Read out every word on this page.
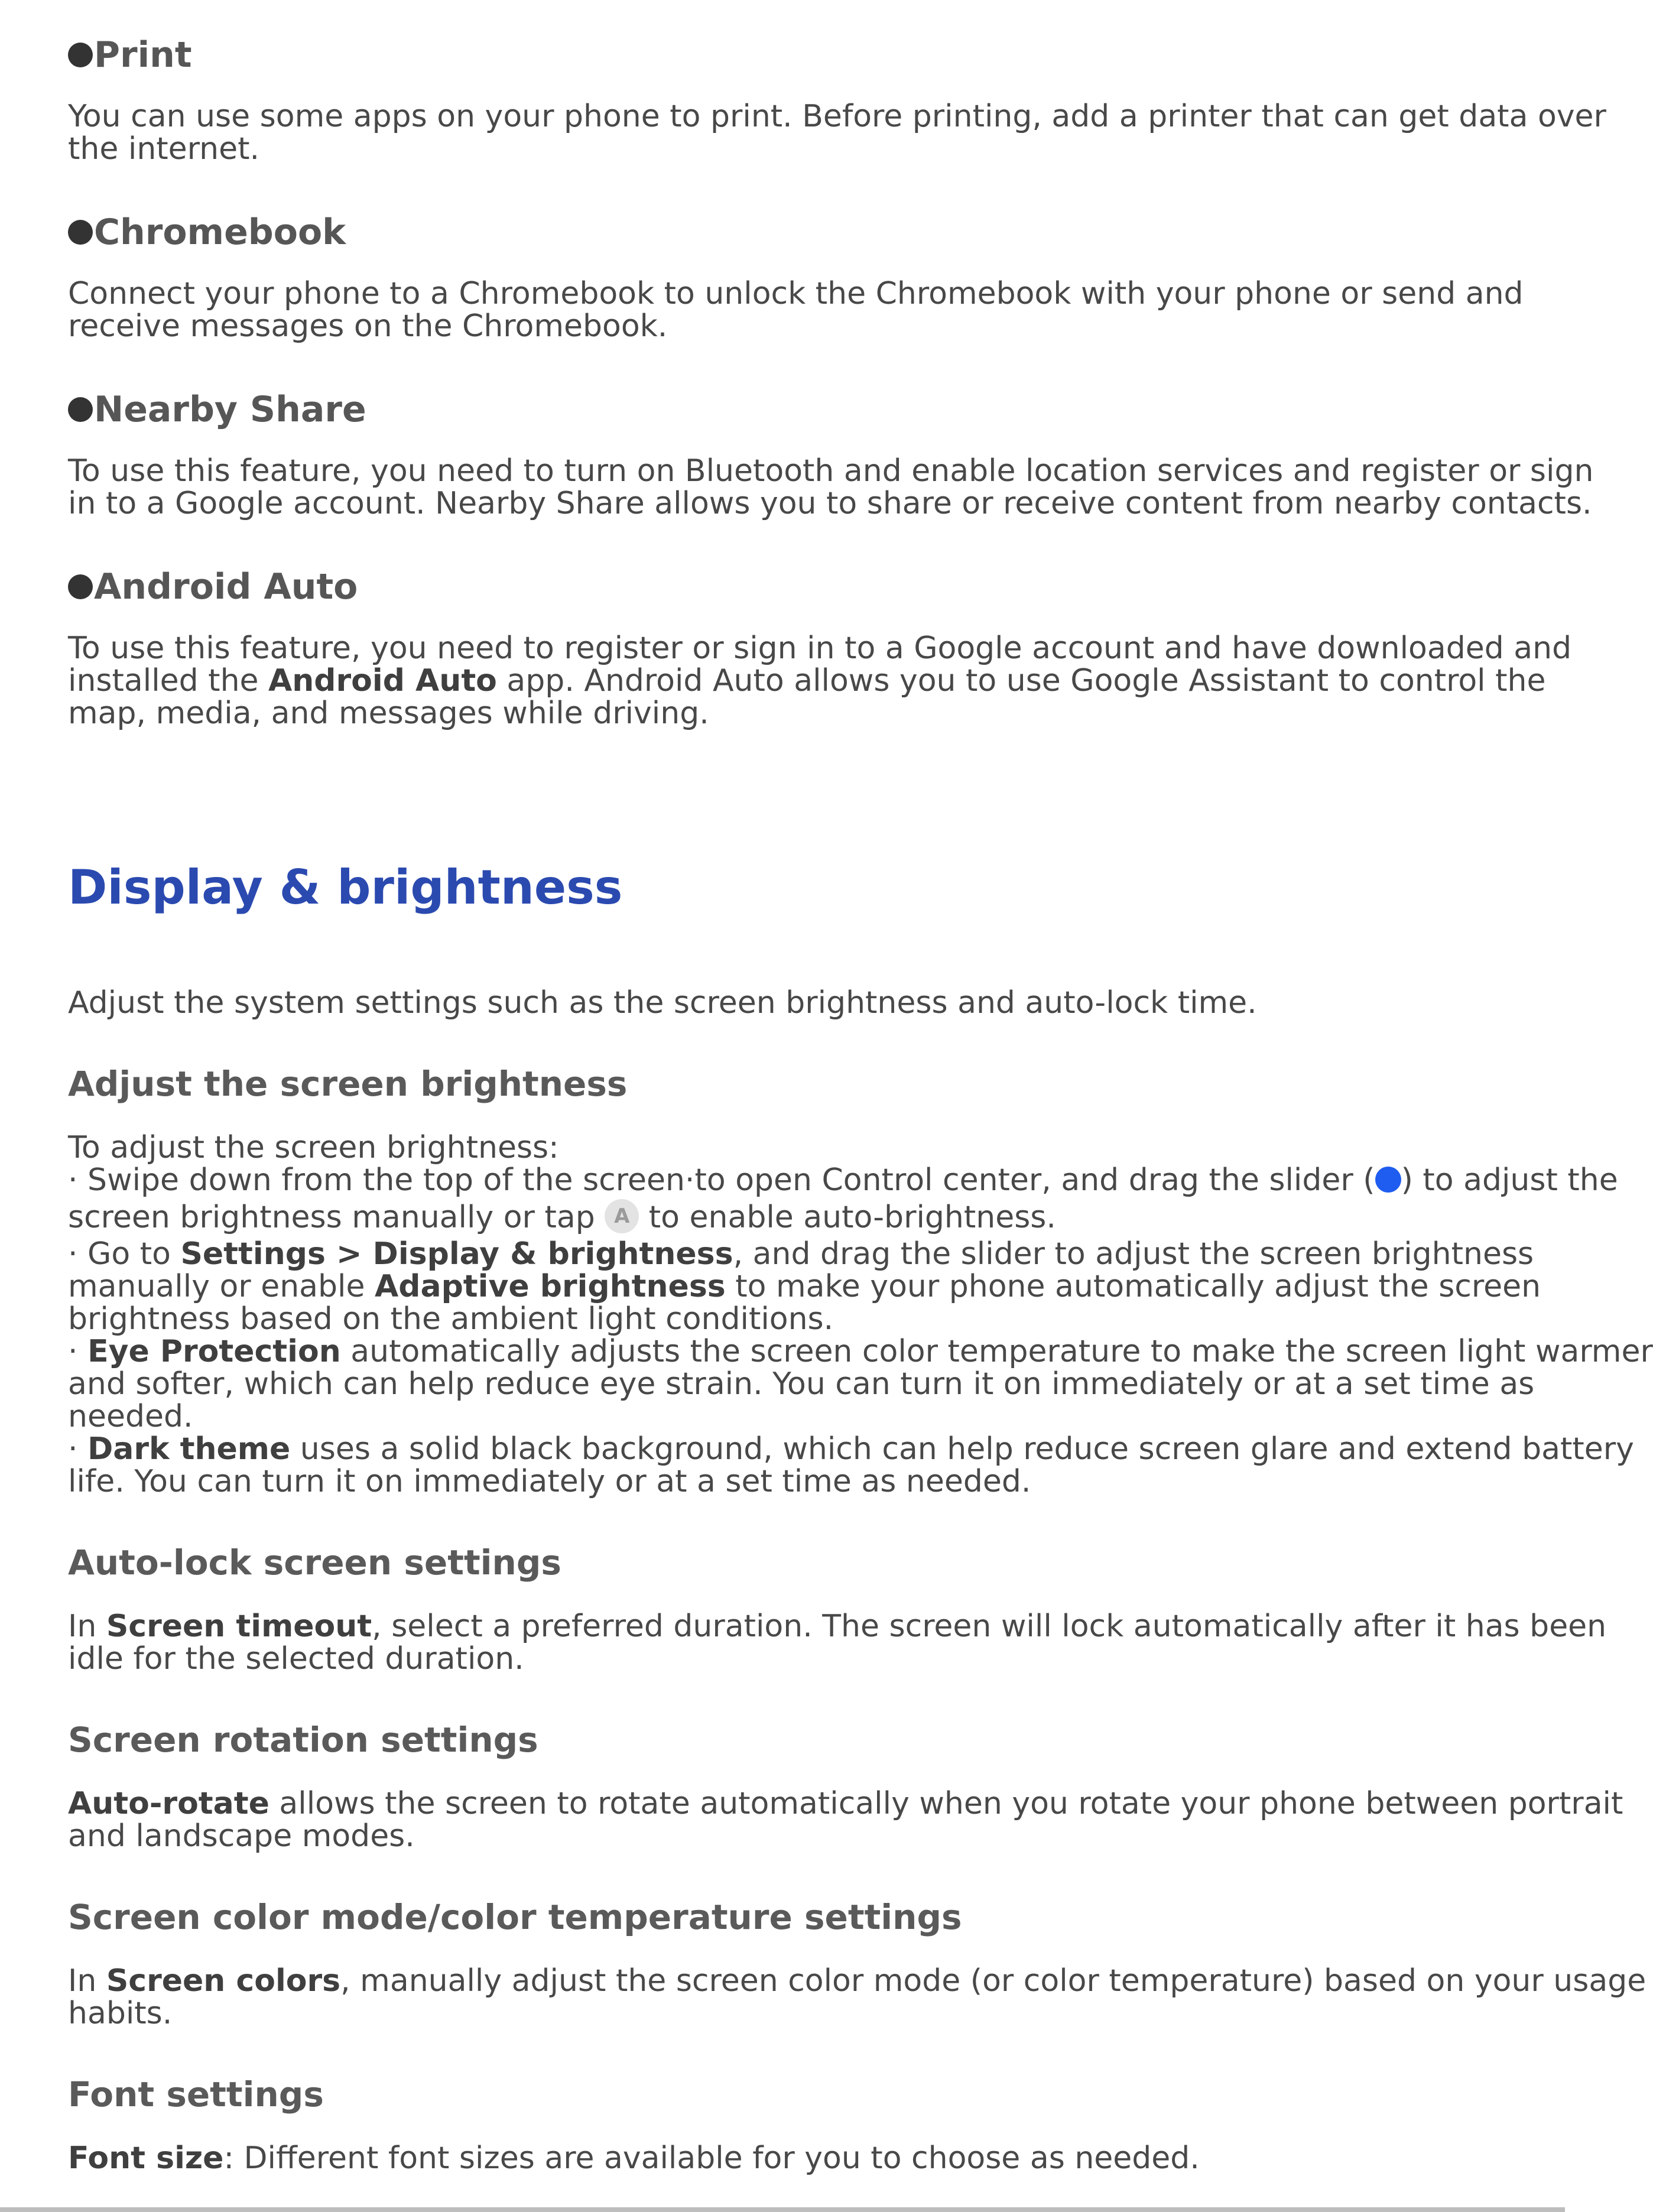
Print

You can use some apps on your phone to print. Before printing, add a printer that can get data over
the internet.

Chromebook

Connect your phone to a Chromebook to unlock the Chromebook with your phone or send and
receive messages on the Chromebook.

Nearby Share

To use this feature, you need to turn on Bluetooth and enable location services and register or sign
in to a Google account. Nearby Share allows you to share or receive content from nearby contacts.

Android Auto

To use this feature, you need to register or sign in to a Google account and have downloaded and
installed the Android Auto app. Android Auto allows you to use Google Assistant to control the
map, media, and messages while driving.

Display & brightness

Adjust the system settings such as the screen brightness and auto-lock time.

Adjust the screen brightness
To adjust the screen brightness:
· Swipe down from the top of the screen·to open Control center, and drag the slider ( ) to adjust the
screen brightness manually or tap A to enable auto-brightness.
· Go to Settings > Display & brightness, and drag the slider to adjust the screen brightness
manually or enable Adaptive brightness to make your phone automatically adjust the screen
brightness based on the ambient light conditions.
· Eye Protection automatically adjusts the screen color temperature to make the screen light warmer
and softer, which can help reduce eye strain. You can turn it on immediately or at a set time as
needed.
· Dark theme uses a solid black background, which can help reduce screen glare and extend battery
life. You can turn it on immediately or at a set time as needed.
Auto-lock screen settings

In Screen timeout, select a preferred duration. The screen will lock automatically after it has been
idle for the selected duration.

Screen rotation settings

Auto-rotate allows the screen to rotate automatically when you rotate your phone between portrait
and landscape modes.

Screen color mode/color temperature settings

In Screen colors, manually adjust the screen color mode (or color temperature) based on your usage
habits.

Font settings

Font size: Different font sizes are available for you to choose as needed.
